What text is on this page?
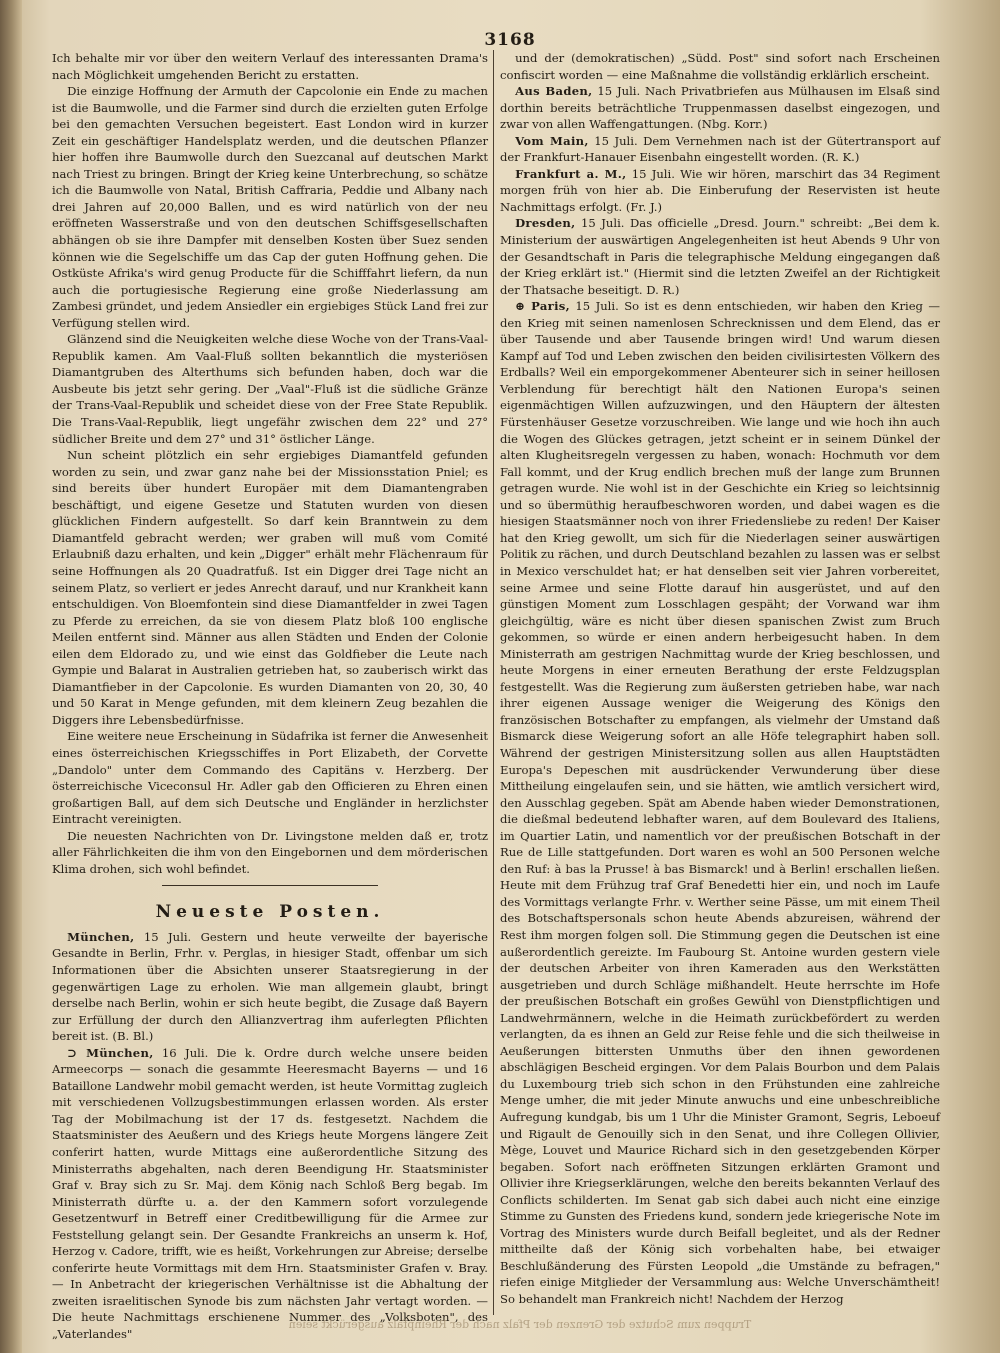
3168

Ich behalte mir vor über den weitern Verlauf des interessanten Drama's nach Möglichkeit umgehenden Bericht zu erstatten.

Die einzige Hoffnung der Armuth der Capcolonie ein Ende zu machen ist die Baumwolle, und die Farmer sind durch die erzielten guten Erfolge bei den gemachten Versuchen begeistert. East London wird in kurzer Zeit ein geschäftiger Handelsplatz werden, und die deutschen Pflanzer hier hoffen ihre Baumwolle durch den Suezcanal auf deutschen Markt nach Triest zu bringen. Bringt der Krieg keine Unterbrechung, so schätze ich die Baumwolle von Natal, British Caffraria, Peddie und Albany nach drei Jahren auf 20,000 Ballen, und es wird natürlich von der neu eröffneten Wasserstraße und von den deutschen Schiffsgesellschaften abhängen ob sie ihre Dampfer mit denselben Kosten über Suez senden können wie die Segelschiffe um das Cap der guten Hoffnung gehen. Die Ostküste Afrika's wird genug Producte für die Schifffahrt liefern, da nun auch die portugiesische Regierung eine große Niederlassung am Zambesi gründet, und jedem Ansiedler ein ergiebiges Stück Land frei zur Verfügung stellen wird.

Glänzend sind die Neuigkeiten welche diese Woche von der Trans-Vaal-Republik kamen. Am Vaal-Fluß sollten bekanntlich die mysteriösen Diamantgruben des Alterthums sich befunden haben, doch war die Ausbeute bis jetzt sehr gering. Der „Vaal"-Fluß ist die südliche Gränze der Trans-Vaal-Republik und scheidet diese von der Free State Republik. Die Trans-Vaal-Republik, liegt ungefähr zwischen dem 22° und 27° südlicher Breite und dem 27° und 31° östlicher Länge.

Nun scheint plötzlich ein sehr ergiebiges Diamantfeld gefunden worden zu sein, und zwar ganz nahe bei der Missionsstation Pniel; es sind bereits über hundert Europäer mit dem Diamantengraben beschäftigt, und eigene Gesetze und Statuten wurden von diesen glücklichen Findern aufgestellt. So darf kein Branntwein zu dem Diamantfeld gebracht werden; wer graben will muß vom Comité Erlaubniß dazu erhalten, und kein „Digger" erhält mehr Flächenraum für seine Hoffnungen als 20 Quadratfuß. Ist ein Digger drei Tage nicht an seinem Platz, so verliert er jedes Anrecht darauf, und nur Krankheit kann entschuldigen. Von Bloemfontein sind diese Diamantfelder in zwei Tagen zu Pferde zu erreichen, da sie von diesem Platz bloß 100 englische Meilen entfernt sind. Männer aus allen Städten und Enden der Colonie eilen dem Eldorado zu, und wie einst das Goldfieber die Leute nach Gympie und Balarat in Australien getrieben hat, so zauberisch wirkt das Diamantfieber in der Capcolonie. Es wurden Diamanten von 20, 30, 40 und 50 Karat in Menge gefunden, mit dem kleinern Zeug bezahlen die Diggers ihre Lebensbedürfnisse.

Eine weitere neue Erscheinung in Südafrika ist ferner die Anwesenheit eines österreichischen Kriegsschiffes in Port Elizabeth, der Corvette „Dandolo" unter dem Commando des Capitäns v. Herzberg. Der österreichische Viceconsul Hr. Adler gab den Officieren zu Ehren einen großartigen Ball, auf dem sich Deutsche und Engländer in herzlichster Eintracht vereinigten.

Die neuesten Nachrichten von Dr. Livingstone melden daß er, trotz aller Fährlichkeiten die ihm von den Eingebornen und dem mörderischen Klima drohen, sich wohl befindet.

Neueste Posten.

München, 15 Juli. Gestern und heute verweilte der bayerische Gesandte in Berlin, Frhr. v. Perglas, in hiesiger Stadt, offenbar um sich Informationen über die Absichten unserer Staatsregierung in der gegenwärtigen Lage zu erholen. Wie man allgemein glaubt, bringt derselbe nach Berlin, wohin er sich heute begibt, die Zusage daß Bayern zur Erfüllung der durch den Allianzvertrag ihm auferlegten Pflichten bereit ist. (B. Bl.)

⊃ München, 16 Juli. Die k. Ordre durch welche unsere beiden Armeecorps — sonach die gesammte Heeresmacht Bayerns — und 16 Bataillone Landwehr mobil gemacht werden, ist heute Vormittag zugleich mit verschiedenen Vollzugsbestimmungen erlassen worden. Als erster Tag der Mobilmachung ist der 17 ds. festgesetzt. Nachdem die Staatsminister des Aeußern und des Kriegs heute Morgens längere Zeit conferirt hatten, wurde Mittags eine außerordentliche Sitzung des Ministerraths abgehalten, nach deren Beendigung Hr. Staatsminister Graf v. Bray sich zu Sr. Maj. dem König nach Schloß Berg begab. Im Ministerrath dürfte u. a. der den Kammern sofort vorzulegende Gesetzentwurf in Betreff einer Creditbewilligung für die Armee zur Feststellung gelangt sein. Der Gesandte Frankreichs an unserm k. Hof, Herzog v. Cadore, trifft, wie es heißt, Vorkehrungen zur Abreise; derselbe conferirte heute Vormittags mit dem Hrn. Staatsminister Grafen v. Bray. — In Anbetracht der kriegerischen Verhältnisse ist die Abhaltung der zweiten israelitischen Synode bis zum nächsten Jahr vertagt worden. — Die heute Nachmittags erschienene Nummer des „Volksboten", des „Vaterlandes"

und der (demokratischen) „Südd. Post" sind sofort nach Erscheinen confiscirt worden — eine Maßnahme die vollständig erklärlich erscheint.

Aus Baden, 15 Juli. Nach Privatbriefen aus Mülhausen im Elsaß sind dorthin bereits beträchtliche Truppenmassen daselbst eingezogen, und zwar von allen Waffengattungen. (Nbg. Korr.)

Vom Main, 15 Juli. Dem Vernehmen nach ist der Gütertransport auf der Frankfurt-Hanauer Eisenbahn eingestellt worden. (R. K.)

Frankfurt a. M., 15 Juli. Wie wir hören, marschirt das 34 Regiment morgen früh von hier ab. Die Einberufung der Reservisten ist heute Nachmittags erfolgt. (Fr. J.)

Dresden, 15 Juli. Das officielle „Dresd. Journ." schreibt: „Bei dem k. Ministerium der auswärtigen Angelegenheiten ist heut Abends 9 Uhr von der Gesandtschaft in Paris die telegraphische Meldung eingegangen daß der Krieg erklärt ist." (Hiermit sind die letzten Zweifel an der Richtigkeit der Thatsache beseitigt. D. R.)

⊕ Paris, 15 Juli. So ist es denn entschieden, wir haben den Krieg — den Krieg mit seinen namenlosen Schrecknissen und dem Elend, das er über Tausende und aber Tausende bringen wird! Und warum diesen Kampf auf Tod und Leben zwischen den beiden civilisirtesten Völkern des Erdballs? Weil ein emporgekommener Abenteurer sich in seiner heillosen Verblendung für berechtigt hält den Nationen Europa's seinen eigenmächtigen Willen aufzuzwingen, und den Häuptern der ältesten Fürstenhäuser Gesetze vorzuschreiben. Wie lange und wie hoch ihn auch die Wogen des Glückes getragen, jetzt scheint er in seinem Dünkel der alten Klugheitsregeln vergessen zu haben, wonach: Hochmuth vor dem Fall kommt, und der Krug endlich brechen muß der lange zum Brunnen getragen wurde. Nie wohl ist in der Geschichte ein Krieg so leichtsinnig und so übermüthig heraufbeschworen worden, und dabei wagen es die hiesigen Staatsmänner noch von ihrer Friedensliebe zu reden! Der Kaiser hat den Krieg gewollt, um sich für die Niederlagen seiner auswärtigen Politik zu rächen, und durch Deutschland bezahlen zu lassen was er selbst in Mexico verschuldet hat; er hat denselben seit vier Jahren vorbereitet, seine Armee und seine Flotte darauf hin ausgerüstet, und auf den günstigen Moment zum Losschlagen gespäht; der Vorwand war ihm gleichgültig, wäre es nicht über diesen spanischen Zwist zum Bruch gekommen, so würde er einen andern herbeigesucht haben. In dem Ministerrath am gestrigen Nachmittag wurde der Krieg beschlossen, und heute Morgens in einer erneuten Berathung der erste Feldzugsplan festgestellt. Was die Regierung zum äußersten getrieben habe, war nach ihrer eigenen Aussage weniger die Weigerung des Königs den französischen Botschafter zu empfangen, als vielmehr der Umstand daß Bismarck diese Weigerung sofort an alle Höfe telegraphirt haben soll. Während der gestrigen Ministersitzung sollen aus allen Hauptstädten Europa's Depeschen mit ausdrückender Verwunderung über diese Mittheilung eingelaufen sein, und sie hätten, wie amtlich versichert wird, den Ausschlag gegeben. Spät am Abende haben wieder Demonstrationen, die dießmal bedeutend lebhafter waren, auf dem Boulevard des Italiens, im Quartier Latin, und namentlich vor der preußischen Botschaft in der Rue de Lille stattgefunden. Dort waren es wohl an 500 Personen welche den Ruf: à bas la Prusse! à bas Bismarck! und à Berlin! erschallen ließen. Heute mit dem Frühzug traf Graf Benedetti hier ein, und noch im Laufe des Vormittags verlangte Frhr. v. Werther seine Pässe, um mit einem Theil des Botschaftspersonals schon heute Abends abzureisen, während der Rest ihm morgen folgen soll. Die Stimmung gegen die Deutschen ist eine außerordentlich gereizte. Im Faubourg St. Antoine wurden gestern viele der deutschen Arbeiter von ihren Kameraden aus den Werkstätten ausgetrieben und durch Schläge mißhandelt. Heute herrschte im Hofe der preußischen Botschaft ein großes Gewühl von Dienstpflichtigen und Landwehrmännern, welche in die Heimath zurückbefördert zu werden verlangten, da es ihnen an Geld zur Reise fehle und die sich theilweise in Aeußerungen bittersten Unmuths über den ihnen gewordenen abschlägigen Bescheid ergingen. Vor dem Palais Bourbon und dem Palais du Luxembourg trieb sich schon in den Frühstunden eine zahlreiche Menge umher, die mit jeder Minute anwuchs und eine unbeschreibliche Aufregung kundgab, bis um 1 Uhr die Minister Gramont, Segris, Leboeuf und Rigault de Genouilly sich in den Senat, und ihre Collegen Ollivier, Mège, Louvet und Maurice Richard sich in den gesetzgebenden Körper begaben. Sofort nach eröffneten Sitzungen erklärten Gramont und Ollivier ihre Kriegserklärungen, welche den bereits bekannten Verlauf des Conflicts schilderten. Im Senat gab sich dabei auch nicht eine einzige Stimme zu Gunsten des Friedens kund, sondern jede kriegerische Note im Vortrag des Ministers wurde durch Beifall begleitet, und als der Redner mittheilte daß der König sich vorbehalten habe, bei etwaiger Beschlußänderung des Fürsten Leopold „die Umstände zu befragen," riefen einige Mitglieder der Versammlung aus: Welche Unverschämtheit! So behandelt man Frankreich nicht! Nachdem der Herzog

Truppen zum Schutze der Grenzen der Pfalz nach der Rheinpfalz ausgerückt seien
